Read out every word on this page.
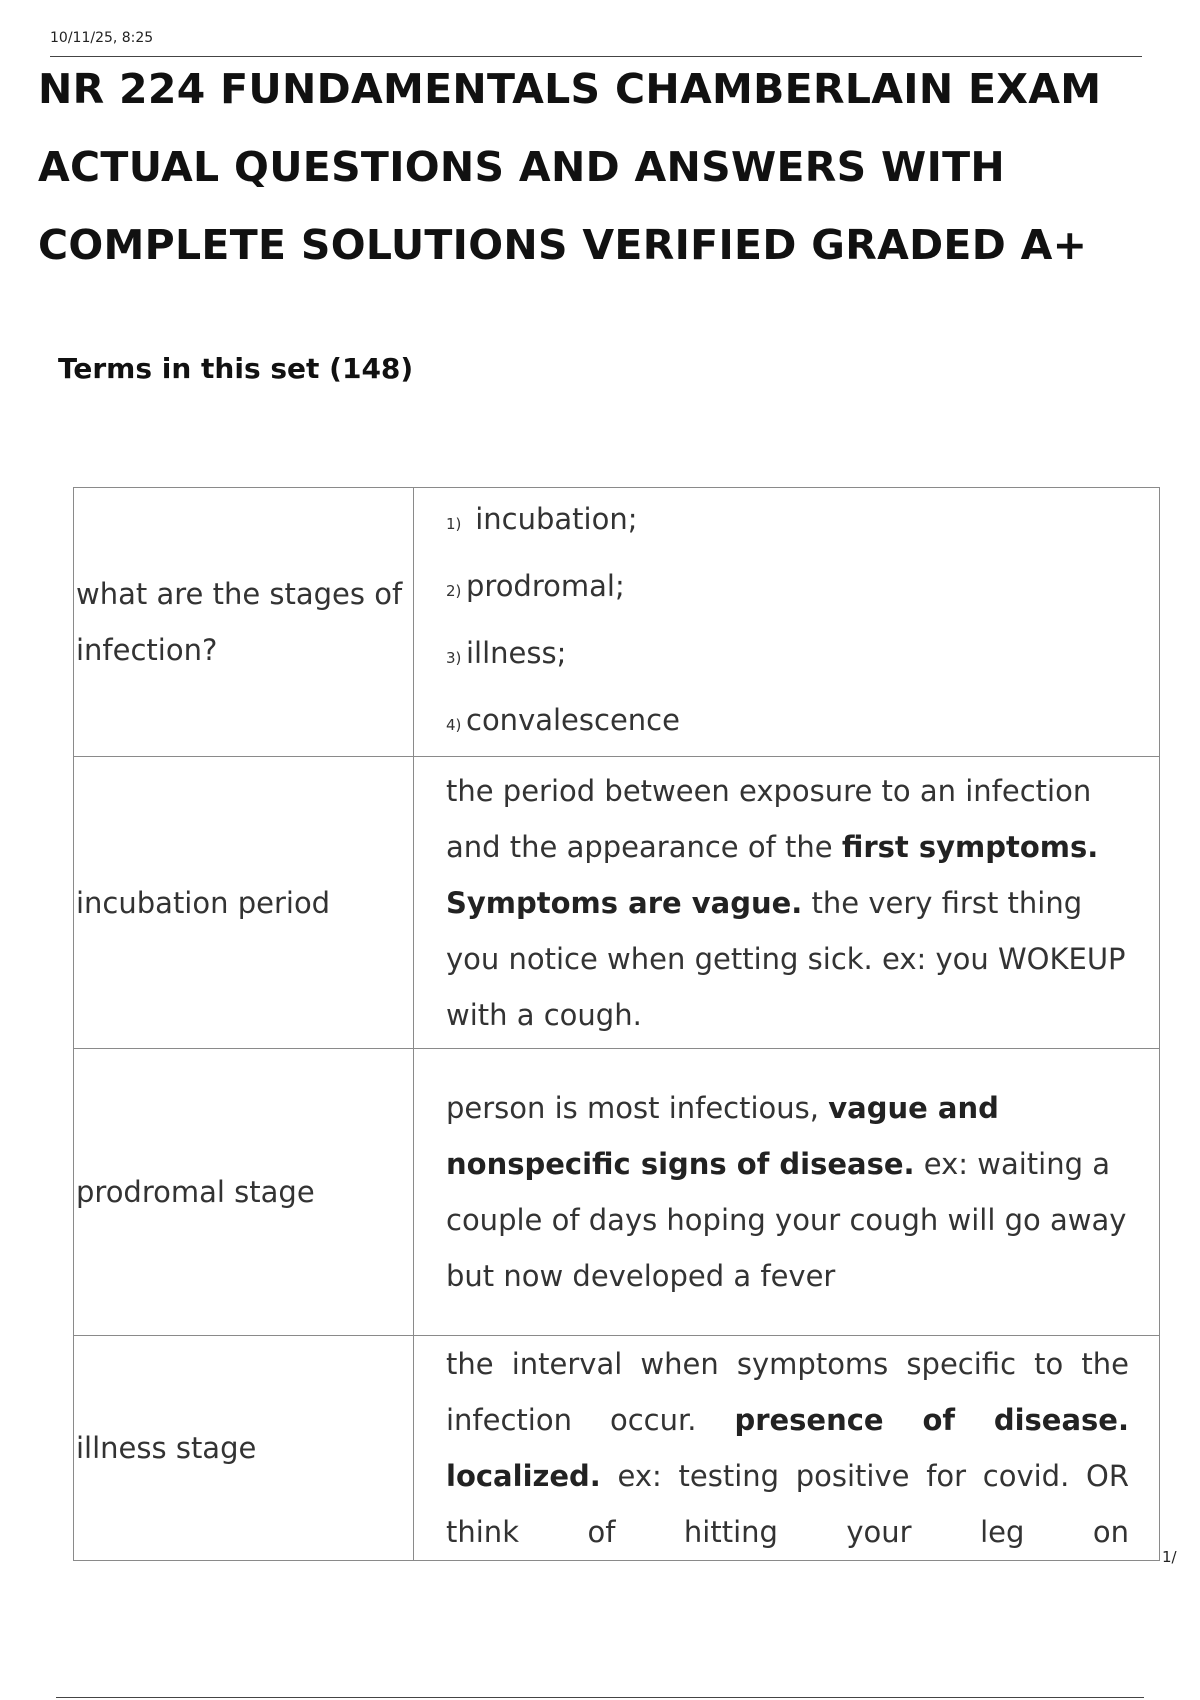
10/11/25, 8:25
NR 224 FUNDAMENTALS CHAMBERLAIN EXAM ACTUAL QUESTIONS AND ANSWERS WITH COMPLETE SOLUTIONS VERIFIED GRADED A+
Terms in this set (148)
what are the stages of infection?	1) incubation;
2) prodromal;
3) illness;
4) convalescence

incubation period	the period between exposure to an infection and the appearance of the first symptoms. Symptoms are vague. the very first thing you notice when getting sick. ex: you WOKEUP with a cough.
prodromal stage	person is most infectious, vague and nonspecific signs of disease. ex: waiting a couple of days hoping your cough will go away but now developed a fever
illness stage	the interval when symptoms specific to the infection occur. presence of disease. localized. ex: testing positive for covid. OR think of hitting your leg on
1/
